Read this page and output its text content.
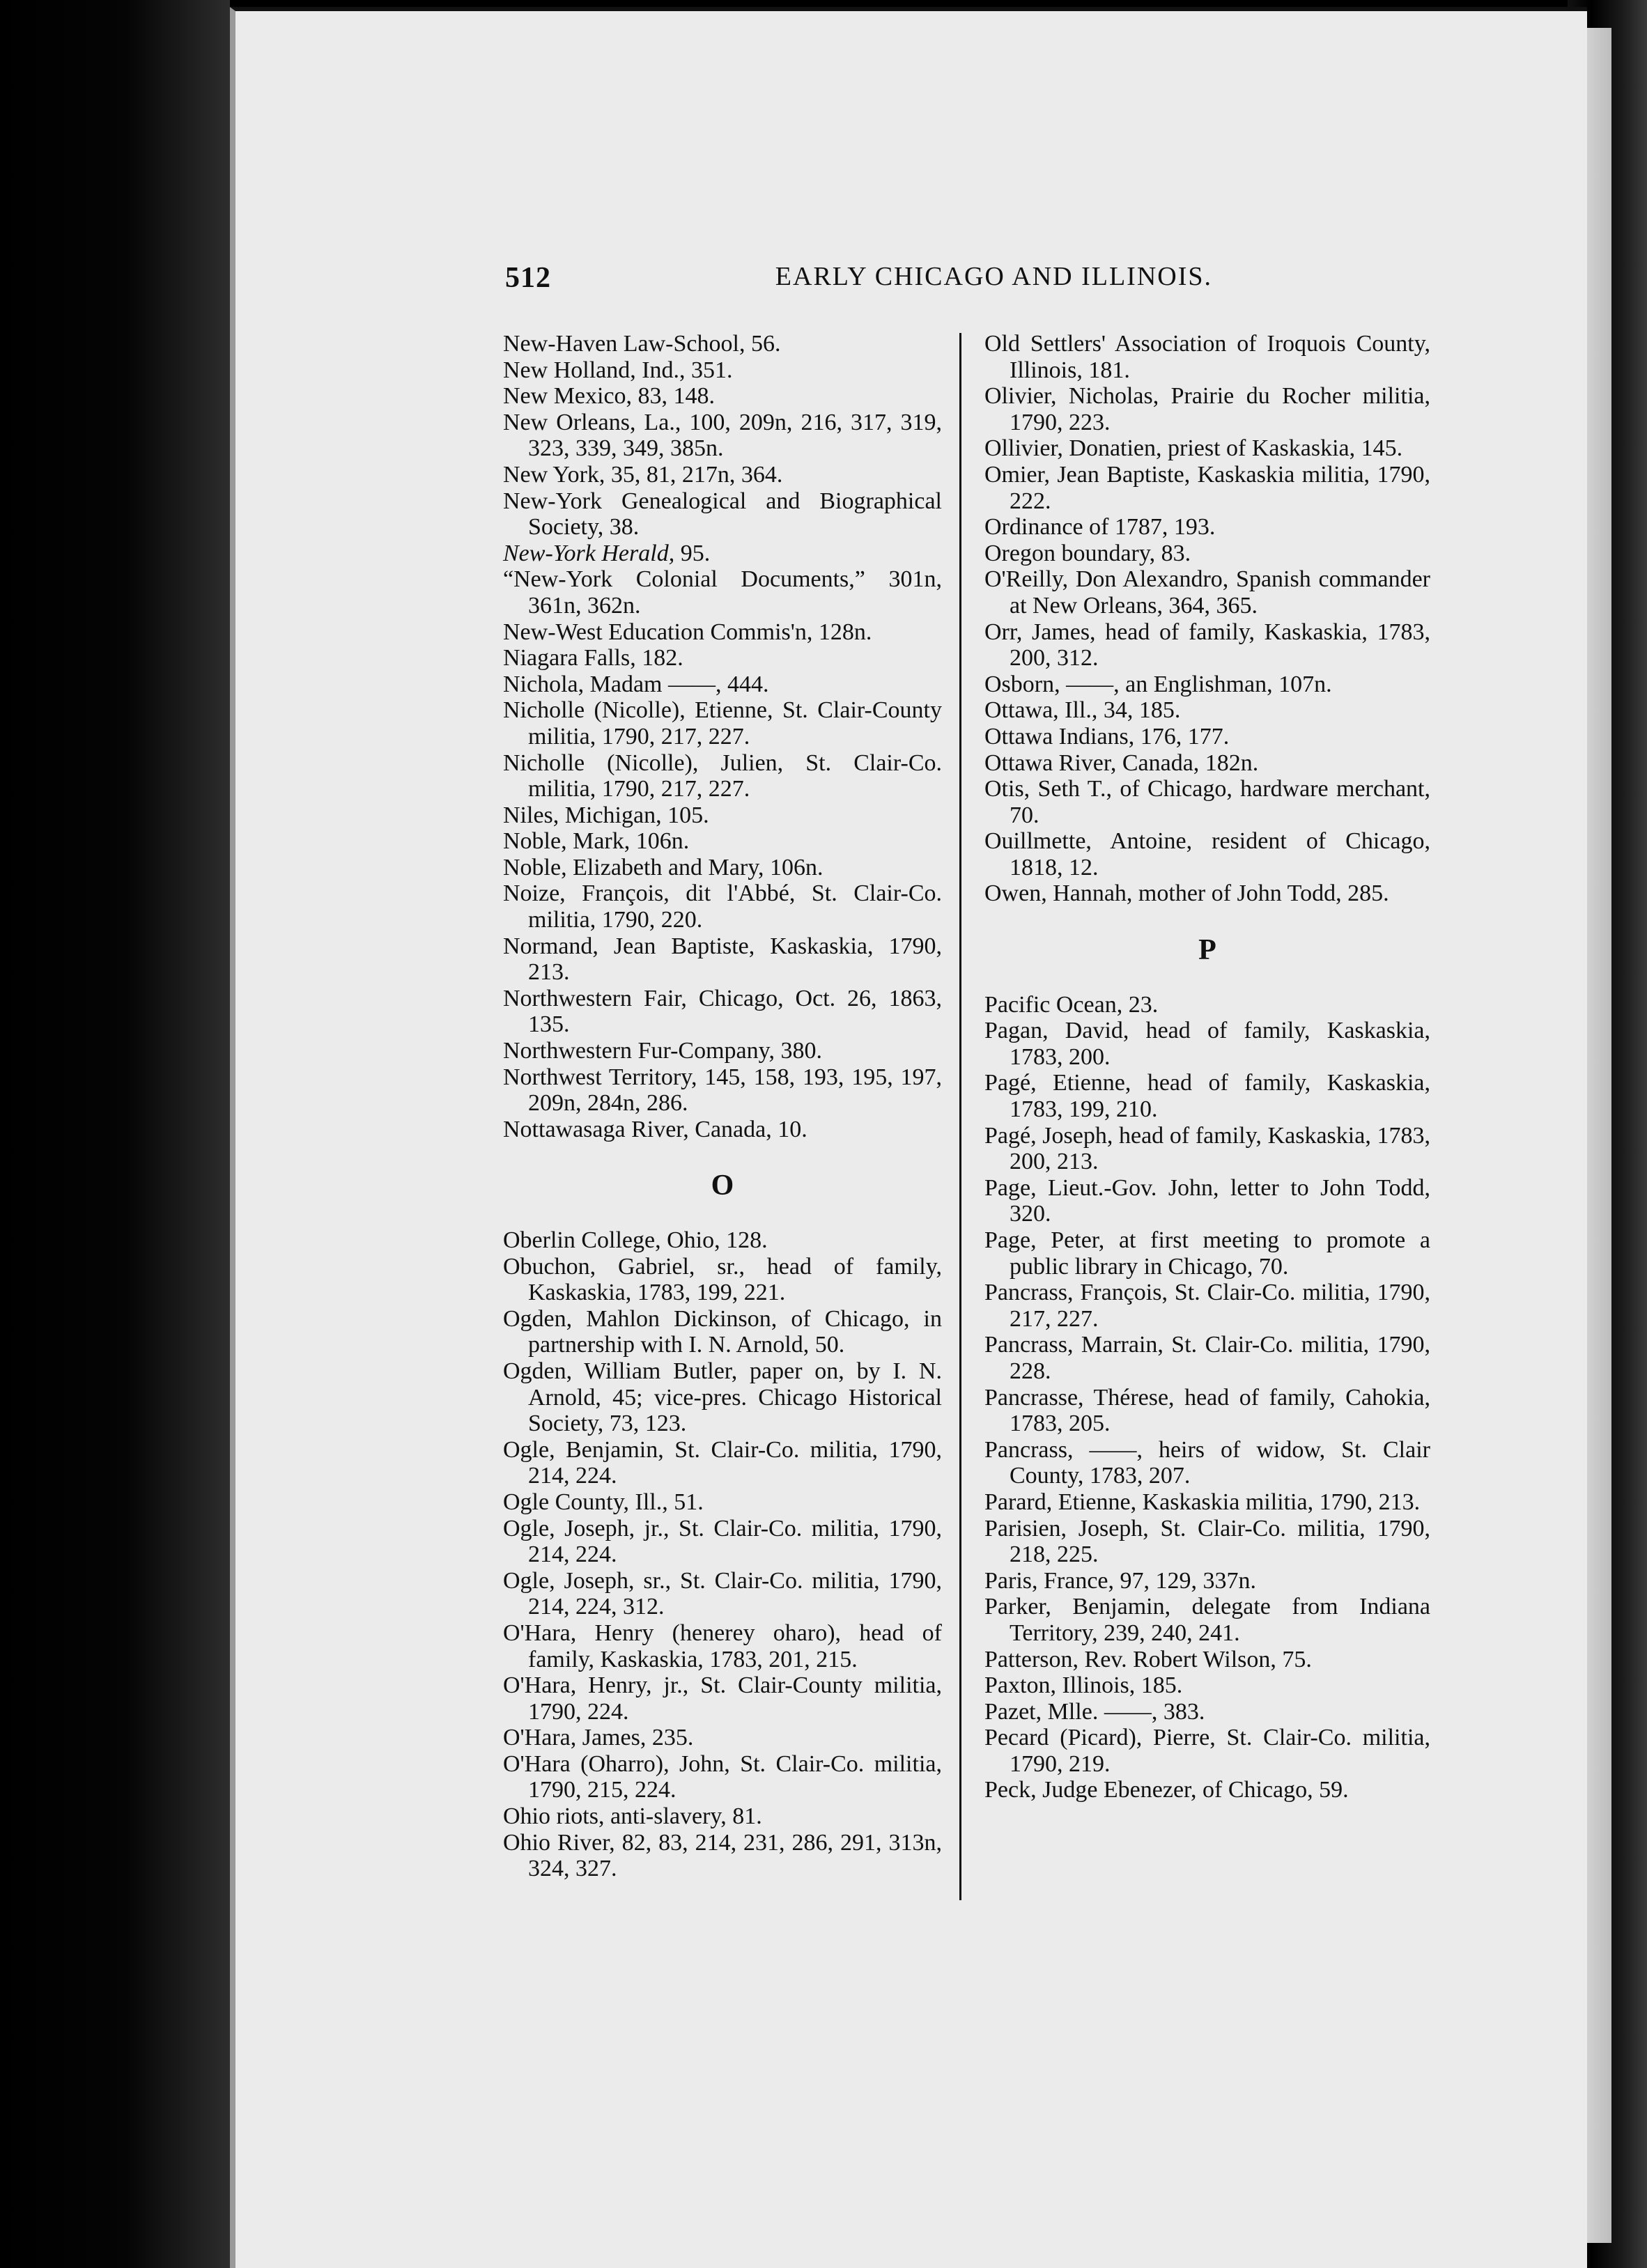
512	EARLY CHICAGO AND ILLINOIS.
New-Haven Law-School, 56.
New Holland, Ind., 351.
New Mexico, 83, 148.
New Orleans, La., 100, 209n, 216, 317, 319, 323, 339, 349, 385n.
New York, 35, 81, 217n, 364.
New-York Genealogical and Biographical Society, 38.
New-York Herald, 95.
“New-York Colonial Documents,” 301n, 361n, 362n.
New-West Education Commis'n, 128n.
Niagara Falls, 182.
Nichola, Madam ——, 444.
Nicholle (Nicolle), Etienne, St. Clair-County militia, 1790, 217, 227.
Nicholle (Nicolle), Julien, St. Clair-Co. militia, 1790, 217, 227.
Niles, Michigan, 105.
Noble, Mark, 106n.
Noble, Elizabeth and Mary, 106n.
Noize, François, dit l'Abbé, St. Clair-Co. militia, 1790, 220.
Normand, Jean Baptiste, Kaskaskia, 1790, 213.
Northwestern Fair, Chicago, Oct. 26, 1863, 135.
Northwestern Fur-Company, 380.
Northwest Territory, 145, 158, 193, 195, 197, 209n, 284n, 286.
Nottawasaga River, Canada, 10.
O
Oberlin College, Ohio, 128.
Obuchon, Gabriel, sr., head of family, Kaskaskia, 1783, 199, 221.
Ogden, Mahlon Dickinson, of Chicago, in partnership with I. N. Arnold, 50.
Ogden, William Butler, paper on, by I. N. Arnold, 45; vice-pres. Chicago Historical Society, 73, 123.
Ogle, Benjamin, St. Clair-Co. militia, 1790, 214, 224.
Ogle County, Ill., 51.
Ogle, Joseph, jr., St. Clair-Co. militia, 1790, 214, 224.
Ogle, Joseph, sr., St. Clair-Co. militia, 1790, 214, 224, 312.
O'Hara, Henry (henerey oharo), head of family, Kaskaskia, 1783, 201, 215.
O'Hara, Henry, jr., St. Clair-County militia, 1790, 224.
O'Hara, James, 235.
O'Hara (Oharro), John, St. Clair-Co. militia, 1790, 215, 224.
Ohio riots, anti-slavery, 81.
Ohio River, 82, 83, 214, 231, 286, 291, 313n, 324, 327.
Old Settlers' Association of Iroquois County, Illinois, 181.
Olivier, Nicholas, Prairie du Rocher militia, 1790, 223.
Ollivier, Donatien, priest of Kaskaskia, 145.
Omier, Jean Baptiste, Kaskaskia militia, 1790, 222.
Ordinance of 1787, 193.
Oregon boundary, 83.
O'Reilly, Don Alexandro, Spanish commander at New Orleans, 364, 365.
Orr, James, head of family, Kaskaskia, 1783, 200, 312.
Osborn, ——, an Englishman, 107n.
Ottawa, Ill., 34, 185.
Ottawa Indians, 176, 177.
Ottawa River, Canada, 182n.
Otis, Seth T., of Chicago, hardware merchant, 70.
Ouillmette, Antoine, resident of Chicago, 1818, 12.
Owen, Hannah, mother of John Todd, 285.
P
Pacific Ocean, 23.
Pagan, David, head of family, Kaskaskia, 1783, 200.
Pagé, Etienne, head of family, Kaskaskia, 1783, 199, 210.
Pagé, Joseph, head of family, Kaskaskia, 1783, 200, 213.
Page, Lieut.-Gov. John, letter to John Todd, 320.
Page, Peter, at first meeting to promote a public library in Chicago, 70.
Pancrass, François, St. Clair-Co. militia, 1790, 217, 227.
Pancrass, Marrain, St. Clair-Co. militia, 1790, 228.
Pancrasse, Thérese, head of family, Cahokia, 1783, 205.
Pancrass, ——, heirs of widow, St. Clair County, 1783, 207.
Parard, Etienne, Kaskaskia militia, 1790, 213.
Parisien, Joseph, St. Clair-Co. militia, 1790, 218, 225.
Paris, France, 97, 129, 337n.
Parker, Benjamin, delegate from Indiana Territory, 239, 240, 241.
Patterson, Rev. Robert Wilson, 75.
Paxton, Illinois, 185.
Pazet, Mlle. ——, 383.
Pecard (Picard), Pierre, St. Clair-Co. militia, 1790, 219.
Peck, Judge Ebenezer, of Chicago, 59.
